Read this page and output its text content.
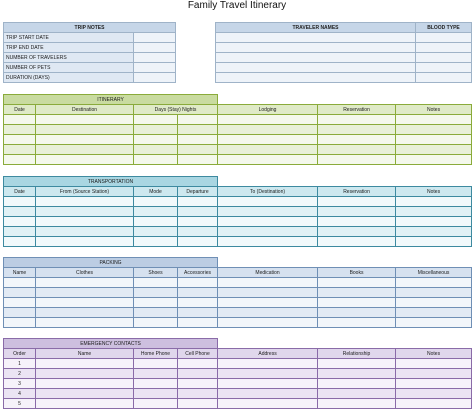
Family Travel Itinerary
TRIP NOTES	
TRIP START DATE	
TRIP END DATE	
NUMBER OF TRAVELERS	
NUMBER OF PETS	
DURATION (DAYS)	
TRAVELER NAMES	BLOOD TYPE

ITINERARY						
Date	Destination	Days (Stay) Nights		Lodging	Reservation	Notes

TRANSPORTATION						
Date	From (Source Station)	Mode	Departure	To (Destination)	Reservation	Notes

PACKING						
Name	Clothes	Shoes	Accessories	Medication	Books	Miscellaneous

EMERGENCY CONTACTS						
Order	Name	Home Phone	Cell Phone	Address	Relationship	Notes
1						
2						
3						
4						
5						
